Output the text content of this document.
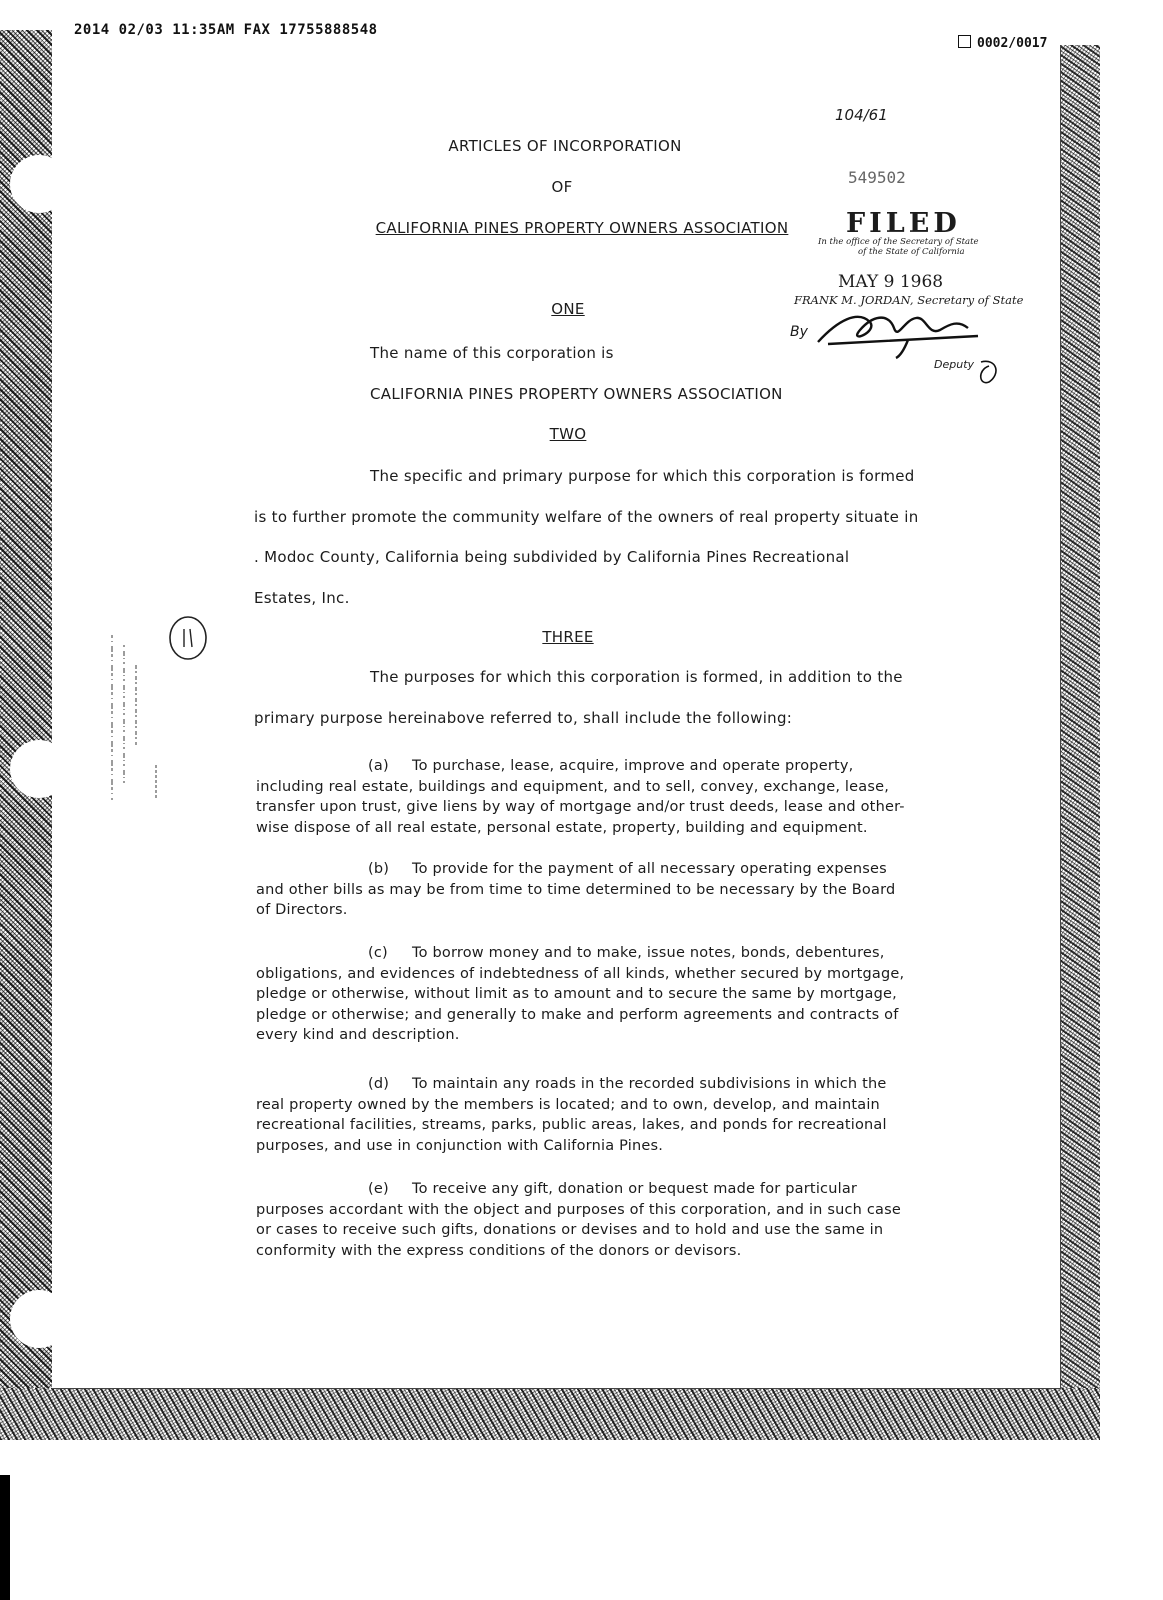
2014 02/03 11:35AM FAX 17755888548
0002/0017
104/61
549502
ARTICLES OF INCORPORATION
OF
CALIFORNIA PINES PROPERTY OWNERS ASSOCIATION FILED
In the office of the Secretary of State
of the State of California
MAY 9 1968
FRANK M. JORDAN, Secretary of State
By
Deputy
ONE
The name of this corporation is
CALIFORNIA PINES PROPERTY OWNERS ASSOCIATION
TWO
The specific and primary purpose for which this corporation is formed
is to further promote the community welfare of the owners of real property situate in
. Modoc County, California being subdivided by California Pines Recreational
Estates, Inc.
THREE
The purposes for which this corporation is formed, in addition to the
primary purpose hereinabove referred to, shall include the following:
(a) To purchase, lease, acquire, improve and operate property,
including real estate, buildings and equipment, and to sell, convey, exchange, lease,
transfer upon trust, give liens by way of mortgage and/or trust deeds, lease and other-
wise dispose of all real estate, personal estate, property, building and equipment.
(b) To provide for the payment of all necessary operating expenses
and other bills as may be from time to time determined to be necessary by the Board
of Directors.
(c) To borrow money and to make, issue notes, bonds, debentures,
obligations, and evidences of indebtedness of all kinds, whether secured by mortgage,
pledge or otherwise, without limit as to amount and to secure the same by mortgage,
pledge or otherwise; and generally to make and perform agreements and contracts of
every kind and description.
(d) To maintain any roads in the recorded subdivisions in which the
real property owned by the members is located; and to own, develop, and maintain
recreational facilities, streams, parks, public areas, lakes, and ponds for recreational
purposes, and use in conjunction with California Pines.
(e) To receive any gift, donation or bequest made for particular
purposes accordant with the object and purposes of this corporation, and in such case
or cases to receive such gifts, donations or devises and to hold and use the same in
conformity with the express conditions of the donors or devisors.
